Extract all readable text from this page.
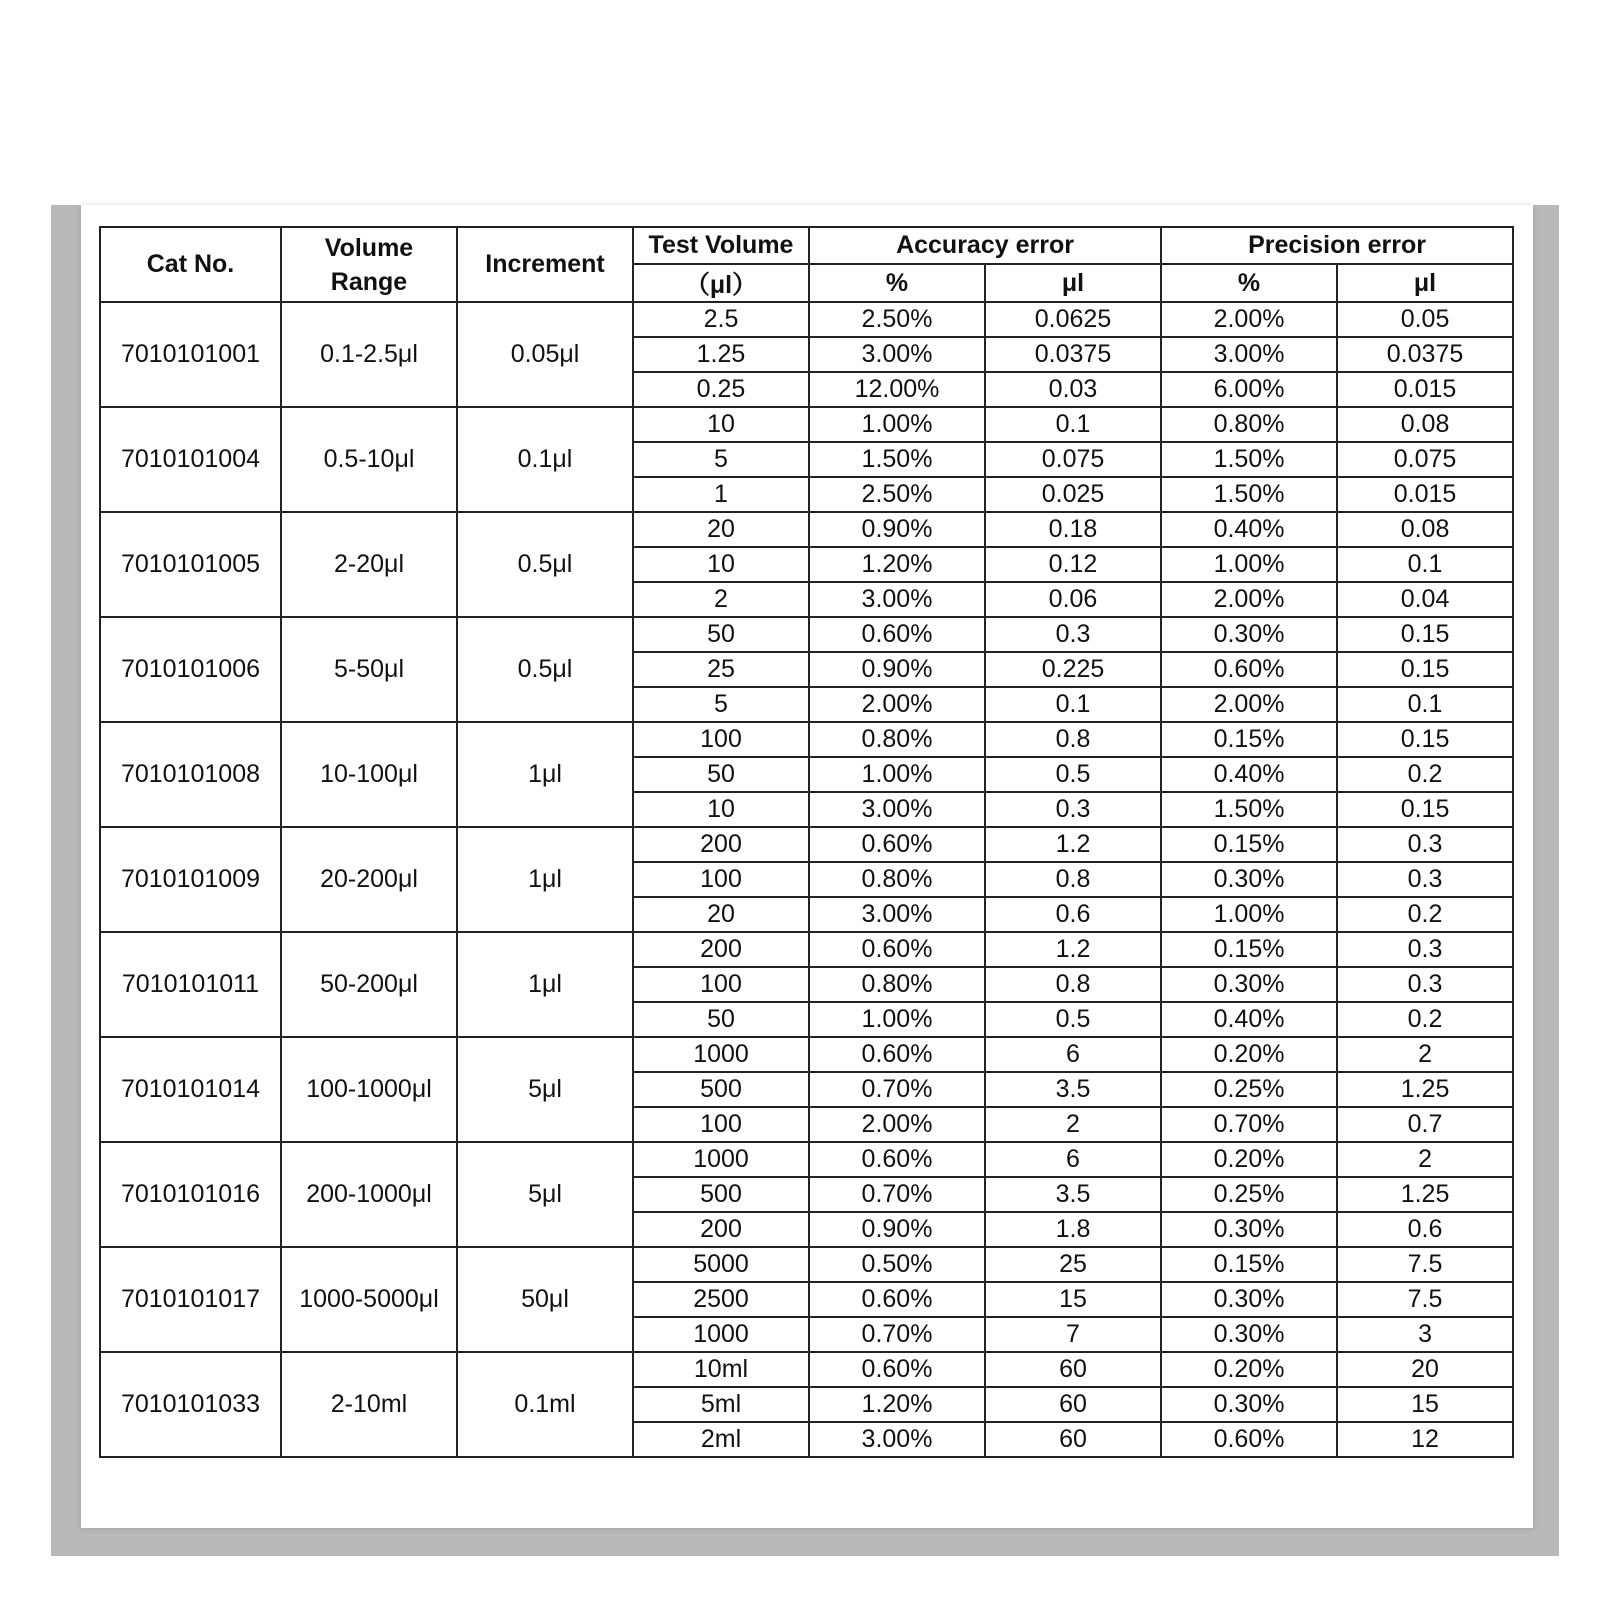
Cat No.	Volume Range	Increment	Test Volume	Accuracy error		Precision error	
			（μl）	%	μl	%	μl
7010101001	0.1-2.5μl	0.05μl	2.5	2.50%	0.0625	2.00%	0.05
			1.25	3.00%	0.0375	3.00%	0.0375
			0.25	12.00%	0.03	6.00%	0.015
7010101004	0.5-10μl	0.1μl	10	1.00%	0.1	0.80%	0.08
			5	1.50%	0.075	1.50%	0.075
			1	2.50%	0.025	1.50%	0.015
7010101005	2-20μl	0.5μl	20	0.90%	0.18	0.40%	0.08
			10	1.20%	0.12	1.00%	0.1
			2	3.00%	0.06	2.00%	0.04
7010101006	5-50μl	0.5μl	50	0.60%	0.3	0.30%	0.15
			25	0.90%	0.225	0.60%	0.15
			5	2.00%	0.1	2.00%	0.1
7010101008	10-100μl	1μl	100	0.80%	0.8	0.15%	0.15
			50	1.00%	0.5	0.40%	0.2
			10	3.00%	0.3	1.50%	0.15
7010101009	20-200μl	1μl	200	0.60%	1.2	0.15%	0.3
			100	0.80%	0.8	0.30%	0.3
			20	3.00%	0.6	1.00%	0.2
7010101011	50-200μl	1μl	200	0.60%	1.2	0.15%	0.3
			100	0.80%	0.8	0.30%	0.3
			50	1.00%	0.5	0.40%	0.2
7010101014	100-1000μl	5μl	1000	0.60%	6	0.20%	2
			500	0.70%	3.5	0.25%	1.25
			100	2.00%	2	0.70%	0.7
7010101016	200-1000μl	5μl	1000	0.60%	6	0.20%	2
			500	0.70%	3.5	0.25%	1.25
			200	0.90%	1.8	0.30%	0.6
7010101017	1000-5000μl	50μl	5000	0.50%	25	0.15%	7.5
			2500	0.60%	15	0.30%	7.5
			1000	0.70%	7	0.30%	3
7010101033	2-10ml	0.1ml	10ml	0.60%	60	0.20%	20
			5ml	1.20%	60	0.30%	15
			2ml	3.00%	60	0.60%	12
